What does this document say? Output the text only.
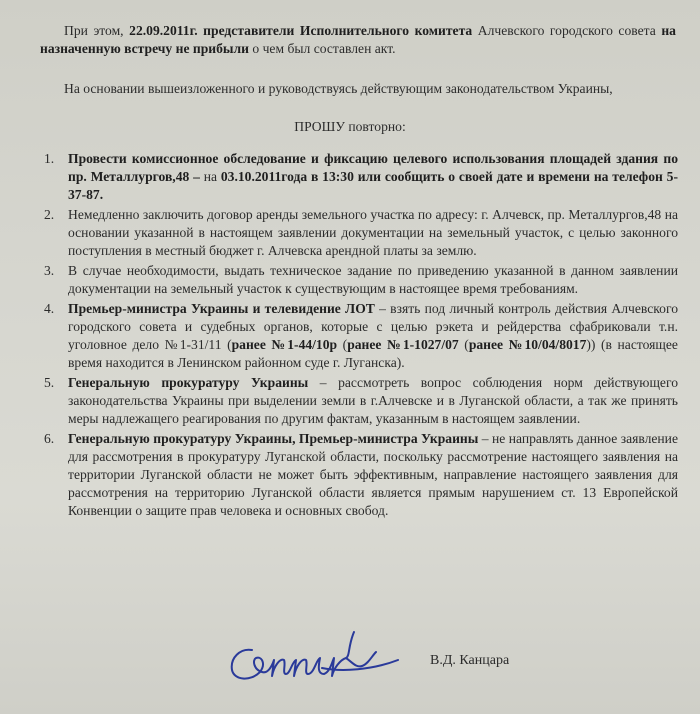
При этом, 22.09.2011г. представители Исполнительного комитета Алчевского городского совета на назначенную встречу не прибыли о чем был составлен акт.

На основании вышеизложенного и руководствуясь действующим законодательством Украины,

ПРОШУ повторно:

1. Провести комиссионное обследование и фиксацию целевого использования площадей здания по пр. Металлургов,48 – на 03.10.2011года в 13:30 или сообщить о своей дате и времени на телефон 5-37-87.
2. Немедленно заключить договор аренды земельного участка по адресу: г. Алчевск, пр. Металлургов,48 на основании указанной в настоящем заявлении документации на земельный участок, с целью законного поступления в местный бюджет г. Алчевска арендной платы за землю.
3. В случае необходимости, выдать техническое задание по приведению указанной в данном заявлении документации на земельный участок к существующим в настоящее время требованиям.
4. Премьер-министра Украины и телевидение ЛОТ – взять под личный контроль действия Алчевского городского совета и судебных органов, которые с целью рэкета и рейдерства сфабриковали т.н. уголовное дело №1-31/11 (ранее №1-44/10р (ранее №1-1027/07 (ранее №10/04/8017)) (в настоящее время находится в Ленинском районном суде г. Луганска).
5. Генеральную прокуратуру Украины – рассмотреть вопрос соблюдения норм действующего законодательства Украины при выделении земли в г.Алчевске и в Луганской области, а так же принять меры надлежащего реагирования по другим фактам, указанным в настоящем заявлении.
6. Генеральную прокуратуру Украины, Премьер-министра Украины – не направлять данное заявление для рассмотрения в прокуратуру Луганской области, поскольку рассмотрение настоящего заявления на территории Луганской области не может быть эффективным, направление настоящего заявления для рассмотрения на территорию Луганской области является прямым нарушением ст. 13 Европейской Конвенции о защите прав человека и основных свобод.
В.Д. Канцара
